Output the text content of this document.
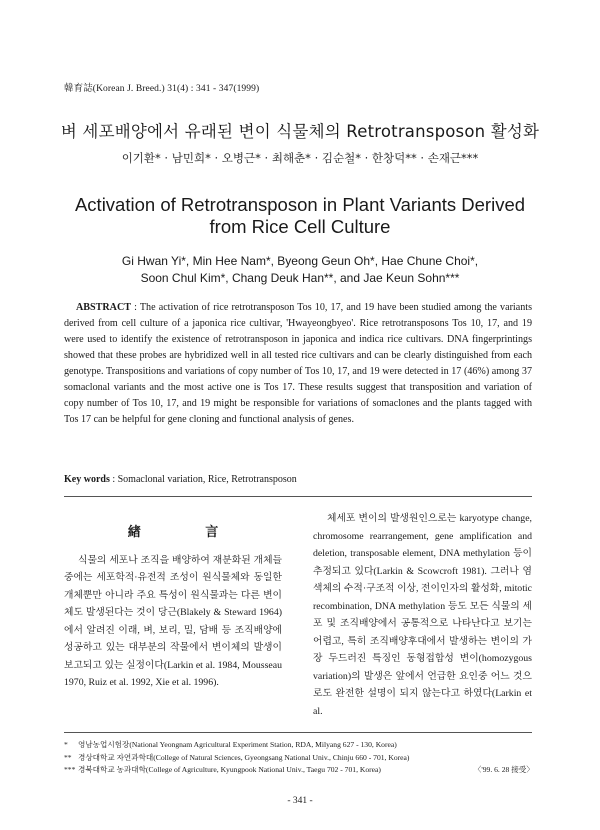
韓育誌(Korean J. Breed.) 31(4) : 341 - 347(1999)
벼 세포배양에서 유래된 변이 식물체의 Retrotransposon 활성화
이기환* · 남민희* · 오병근* · 최해춘* · 김순철* · 한창덕** · 손재근***
Activation of Retrotransposon in Plant Variants Derived
from Rice Cell Culture
Gi Hwan Yi*, Min Hee Nam*, Byeong Geun Oh*, Hae Chune Choi*,
Soon Chul Kim*, Chang Deuk Han**, and Jae Keun Sohn***
ABSTRACT : The activation of rice retrotransposon Tos 10, 17, and 19 have been studied among the variants derived from cell culture of a japonica rice cultivar, 'Hwayeongbyeo'. Rice retrotransposons Tos 10, 17, and 19 were used to identify the existence of retrotransposon in japonica and indica rice cultivars. DNA fingerprintings showed that these probes are hybridized well in all tested rice cultivars and can be clearly distinguished from each genotype. Transpositions and variations of copy number of Tos 10, 17, and 19 were detected in 17 (46%) among 37 somaclonal variants and the most active one is Tos 17. These results suggest that transposition and variation of copy number of Tos 10, 17, and 19 might be responsible for variations of somaclones and the plants tagged with Tos 17 can be helpful for gene cloning and functional analysis of genes.
Key words : Somaclonal variation, Rice, Retrotransposon
緖 言
식물의 세포나 조직을 배양하여 재분화된 개체들중에는 세포학적·유전적 조성이 원식물체와 동일한 개체뿐만 아니라 주요 특성이 원식물과는 다른 변이체도 발생된다는 것이 당근(Blakely & Steward 1964)에서 알려진 이래, 벼, 보리, 밀, 담배 등 조직배양에 성공하고 있는 대부분의 작물에서 변이체의 발생이 보고되고 있는 실정이다(Larkin et al. 1984, Mousseau 1970, Ruiz et al. 1992, Xie et al. 1996).
체세포 변이의 발생원인으로는 karyotype change, chromosome rearrangement, gene amplification and deletion, transposable element, DNA methylation 등이 추정되고 있다(Larkin & Scowcroft 1981). 그러나 염색체의 수적·구조적 이상, 전이인자의 활성화, mitotic recombination, DNA methylation 등도 모든 식물의 세포 및 조직배양에서 공통적으로 나타난다고 보기는 어렵고, 특히 조직배양후대에서 발생하는 변이의 가장 두드러진 특징인 동형접합성 변이(homozygous variation)의 발생은 앞에서 언급한 요인중 어느 것으로도 완전한 설명이 되지 않는다고 하였다(Larkin et al.
* 영남농업시험장(National Yeongnam Agricultural Experiment Station, RDA, Milyang 627 - 130, Korea)
** 경상대학교 자연과학대(College of Natural Sciences, Gyeongsang National Univ., Chinju 660 - 701, Korea)
*** 경북대학교 농과대학(College of Agriculture, Kyungpook National Univ., Taegu 702 - 701, Korea)	〈'99. 6. 28 接受〉
- 341 -
